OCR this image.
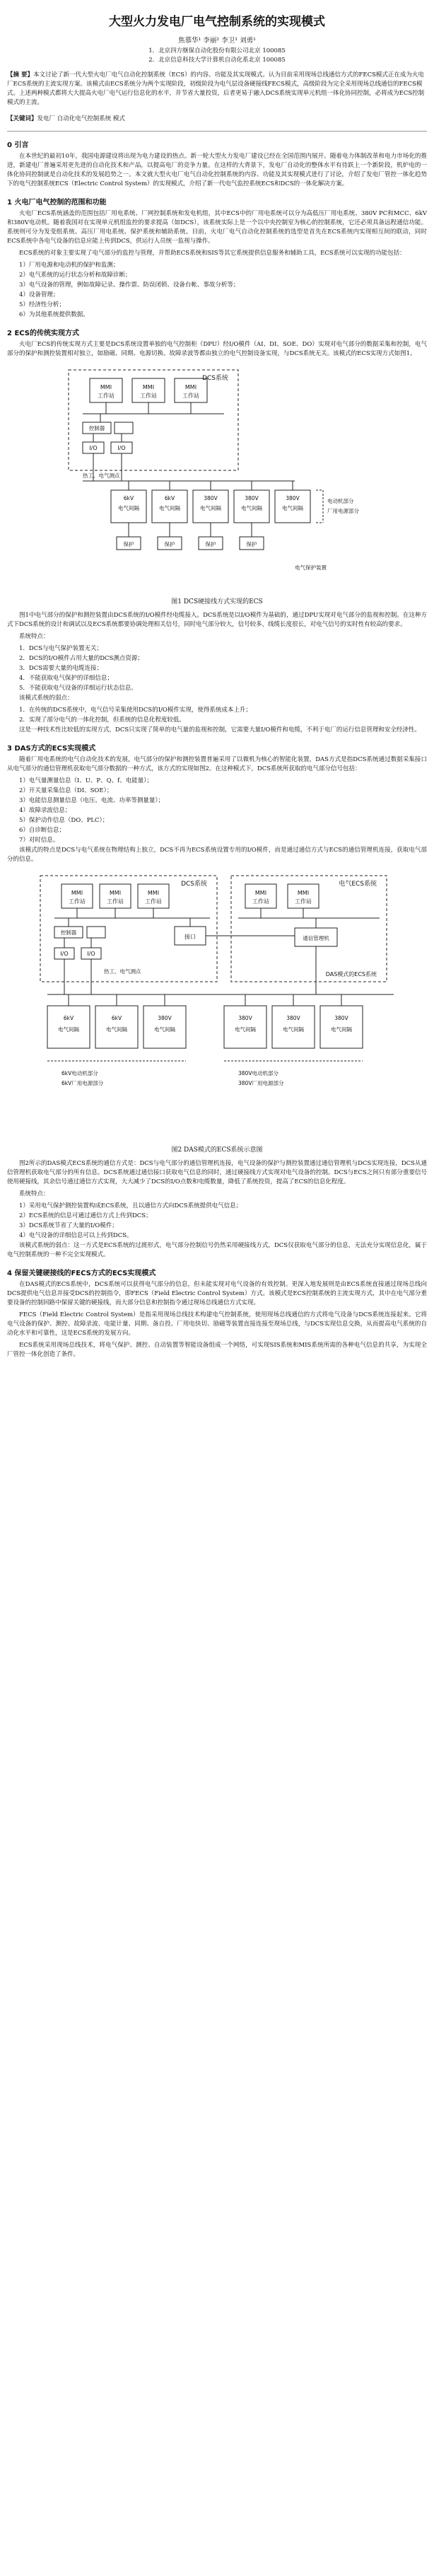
大型火力发电厂电气控制系统的实现模式
焦慕华¹ 李丽² 李卫¹ 刘勇¹
1．北京四方继保自动化股份有限公司北京 100085
2．北京信息科技大学计算机自动化系北京 100085
【摘 要】本文讨论了新一代大型火电厂电气自动化控制系统（ECS）的内容、功能及其实现模式。认为目前采用现场总线通信方式的FECS模式正在成为火电厂ECS系统的主流实现方案。该模式由ECS系统分为两个实现阶段，初级阶段为电气层设备硬接线FECS模式，高级阶段为完全采用现场总线通信的FECS模式。上述两种模式都将大大提高火电厂电气运行信息化的水平，并节省大量投资，后者更易于融入DCS系统实现单元机组一体化协同控制，必将成为ECS控制模式的主流。
【关键词】发电厂 自动化电气控制系统 模式
0 引言

在本世纪的最初10年，我国电源建设将出现为电力建设的热点。新一轮大型火力发电厂建设已经在全国范围内展开。随着电力体制改革和电力市场化的推进，新建电厂普遍采用更先进的自动化技术和产品，以提高电厂的竞争力量。在这样的大背景下，发电厂自动化的整体水平有待跃上一个新阶段，机炉电的一体化协同控制就是自动化技术的发展趋势之一。本文就大型火电厂电气自动化控制系统的内容、功能及其实现模式进行了讨论，介绍了发电厂管控一体化趋势下的电气控制系统ECS（Electric Control System）的实现模式，介绍了新一代电气监控系统ECS和DCS的一体化解决方案。

1 火电厂电气控制的范围和功能

火电厂ECS系统涵盖的范围包括厂用电系统、厂网控制系统和发电机组，其中ECS中的厂用电系统可以分为高低压厂用电系统、380V PC和MCC、6kV和380V电动机。随着我国对在实现单元机组监控的要求提高（如DCS），该系统实际上是一个以中央控制室为核心的控制系统，它还必须具备远程通信功能。系统则可分为发变组系统、高压厂用电系统、保护系统和辅助系统。目前，火电厂电气自动化控制系统的选型是首先在ECS系统内实现相互间的联动，同时ECS系统中各电气设备的信息应能上传到DCS，供运行人员统一监视与操作。

ECS系统的对象主要实现了电气部分的监控与管理，并帮助ECS系统和SIS等其它系统提供信息服务和辅助工具，ECS系统可以实现的功能包括：

1）厂用电源和电动机的保护和监测；
2）电气系统的运行状态分析和故障诊断；
3）电气设备的管理，例如故障记录、操作票、防误闭锁、设备台帐、事故分析等；
4）设备管理；
5）经济性分析；
6）为其他系统提供数据。
2 ECS的传统实现方式

火电厂ECS的传统实现方式主要是DCS系统设置单独的电气控制柜（DPU）经I/O模件（AI、DI、SOE、DO）实现对电气部分的数据采集和控制，电气部分的保护和测控装置相对独立，如励磁、同期、电源切换、故障录波等都由独立的电气控制设备实现，与DCS系统无关。该模式的ECS实现方式如图1。

DCS系统
MMI
工作站
MMI
工作站
MMI
工作站
控制器
I/O	I/O
热工、电气测点
6kV
电气间隔
6kV
电气间隔
380V
电气间隔
380V
电气间隔
380V
电气间隔
保护	保护	保护	保护
电动机部分
厂用电源部分
电气保护装置
图1 DCS硬接线方式实现的ECS

图1中电气部分的保护和测控装置由DCS系统的I/O模件经电缆接入。DCS系统是以I/O模件为基础的，通过DPU实现对电气部分的监视和控制。在这种方式下DCS系统的设计和调试以及ECS系统都要协调处理相关信号，同时电气部分较大，信号较多，线缆长度很长，对电气信号的实时性有较高的要求。

系统特点：

1．DCS与电气保护装置无关；
2．DCS的I/O模件占用大量的DCS测点资源；
3．DCS需要大量的电缆连接；
4．不能获取电气保护的详细信息；
5．不能获取电气设备的详细运行状态信息。

该模式系统的弱点：

1．在传统的DCS系统中，电气信号采集使用DCS的I/O模件实现，使得系统成本上升；
2．实现了部分电气的一体化控制，但系统的信息化程度较低。

这是一种技术性比较低的实现方式，DCS只实现了简单的电气量的监视和控制，它需要大量I/O模件和电缆，不利于电厂的运行信息管理和安全经济性。

3 DAS方式的ECS实现模式

随着厂用电系统的电气自动化技术的发展，电气部分的保护和测控装置普遍采用了以微机为核心的智能化装置，DAS方式是指DCS系统通过数据采集接口从电气部分的通信管理机获取电气部分数据的一种方式，该方式的实现如图2。在这种模式下，DCS系统所获取的电气部分信号包括：

1）电气量测量信息（I、U、P、Q、f、电能量）；
2）开关量采集信息（DI、SOE）；
3）电能信息测量信息（电压、电流、功率等测量量）；
4）故障录波信息；
5）保护动作信息（DO、PLC）；
6）自诊断信息；
7）对时信息。

该模式的特点是DCS与电气系统在物理结构上独立，DCS不再为ECS系统设置专用的I/O模件，而是通过通信方式与ECS的通信管理机连接，获取电气部分的信息。

DCS系统
MMI
工作站
MMI
工作站
MMI
工作站
控制器
接口
I/O	I/O
热工、电气测点
MMI
工作站
MMI
工作站
通信管理机
电气ECS系统
DAS模式的ECS系统
6kV
电气间隔
6kV
电气间隔
380V
电气间隔
380V
电气间隔
380V
电气间隔
380V
电气间隔
6kV电动机部分
6kV厂用电源部分
380V电动机部分
380V厂用电源部分
图2 DAS模式的ECS系统示意图

图2所示的DAS模式ECS系统的通信方式是：DCS与电气部分的通信管理机连接，电气设备的保护与测控装置通过通信管理机与DCS实现连接，DCS从通信管理机获取电气部分的所有信息。DCS系统通过通信接口获取电气信息的同时，通过硬接线方式实现对电气设备的控制。DCS与ECS之间只有部分重要信号使用硬接线，其余信号通过通信方式实现，大大减少了DCS的I/O点数和电缆数量，降低了系统投资，提高了ECS的信息化程度。

系统特点：

1）采用电气保护测控装置构成ECS系统，且以通信方式向DCS系统提供电气信息；
2）ECS系统的信息可通过通信方式上传到DCS；
3）DCS系统节省了大量的I/O模件；
4）电气设备的详细信息可以上传到DCS。

该模式系统的弱点：这一方式是ECS系统的过渡形式，电气部分控制信号仍然采用硬接线方式，DCS仅获取电气部分的信息，无法充分实现信息化，属于电气控制系统的一种不完全实现模式。

4 保留关键硬接线的FECS方式的ECS实现模式

在DAS模式的ECS系统中，DCS系统可以获得电气部分的信息，但未能实现对电气设备的有效控制。更深入地发展则是由ECS系统直接通过现场总线向DCS提供电气信息并接受DCS的控制指令，即FECS（Field Electric Control System）方式。该模式是ECS控制系统的主流实现方式，其中在电气部分重要设备的控制回路中保留关键的硬接线，而大部分信息和控制指令通过现场总线通信方式实现。

FECS（Field Electric Control System）是指采用现场总线技术构建电气控制系统，使用现场总线通信的方式将电气设备与DCS系统连接起来。它将电气设备的保护、测控、故障录波、电能计量、同期、备自投、厂用电快切、励磁等装置直接连接至现场总线，与DCS实现信息交换，从而提高电气系统的自动化水平和可靠性，这是ECS系统的发展方向。

ECS系统采用现场总线技术，将电气保护、测控、自动装置等智能设备组成一个网络，可实现SIS系统和MIS系统所需的各种电气信息的共享，为实现全厂管控一体化创造了条件。
